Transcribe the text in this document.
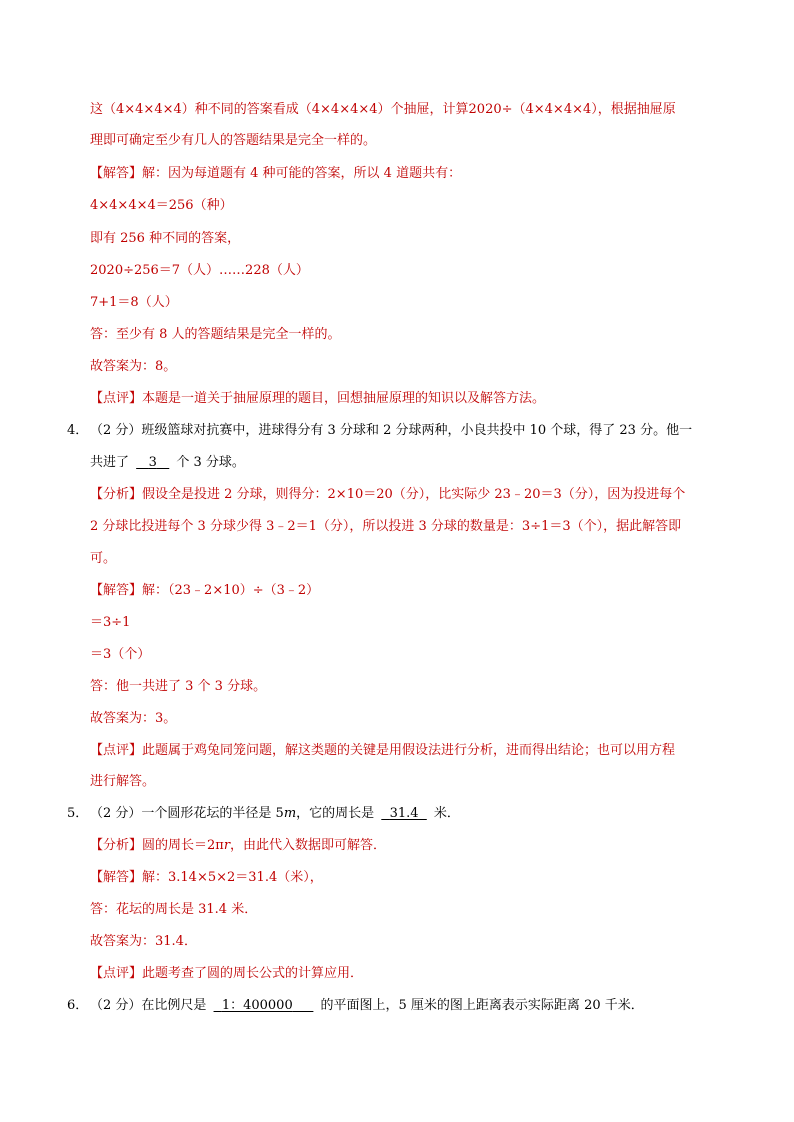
这（4×4×4×4）种不同的答案看成（4×4×4×4）个抽屉，计算2020÷（4×4×4×4），根据抽屉原
理即可确定至少有几人的答题结果是完全一样的。
【解答】解：因为每道题有 4 种可能的答案，所以 4 道题共有：
4×4×4×4＝256（种）
即有 256 种不同的答案，
2020÷256＝7（人）……228（人）
7+1＝8（人）
答：至少有 8 人的答题结果是完全一样的。
故答案为：8。
【点评】本题是一道关于抽屉原理的题目，回想抽屉原理的知识以及解答方法。
4． （2 分）班级篮球对抗赛中，进球得分有 3 分球和 2 分球两种，小良共投中 10 个球，得了 23 分。他一
共进了 3 个 3 分球。
【分析】假设全是投进 2 分球，则得分：2×10＝20（分），比实际少 23﹣20＝3（分），因为投进每个
2 分球比投进每个 3 分球少得 3﹣2＝1（分），所以投进 3 分球的数量是：3÷1＝3（个），据此解答即
可。
【解答】解：（23﹣2×10）÷（3﹣2）
＝3÷1
＝3（个）
答：他一共进了 3 个 3 分球。
故答案为：3。
【点评】此题属于鸡兔同笼问题，解这类题的关键是用假设法进行分析，进而得出结论；也可以用方程
进行解答。
5． （2 分）一个圆形花坛的半径是 5m，它的周长是 31.4 米．
【分析】圆的周长＝2πr，由此代入数据即可解答．
【解答】解：3.14×5×2＝31.4（米），
答：花坛的周长是 31.4 米．
故答案为：31.4．
【点评】此题考查了圆的周长公式的计算应用．
6． （2 分）在比例尺是 1：400000 的平面图上，5 厘米的图上距离表示实际距离 20 千米．
